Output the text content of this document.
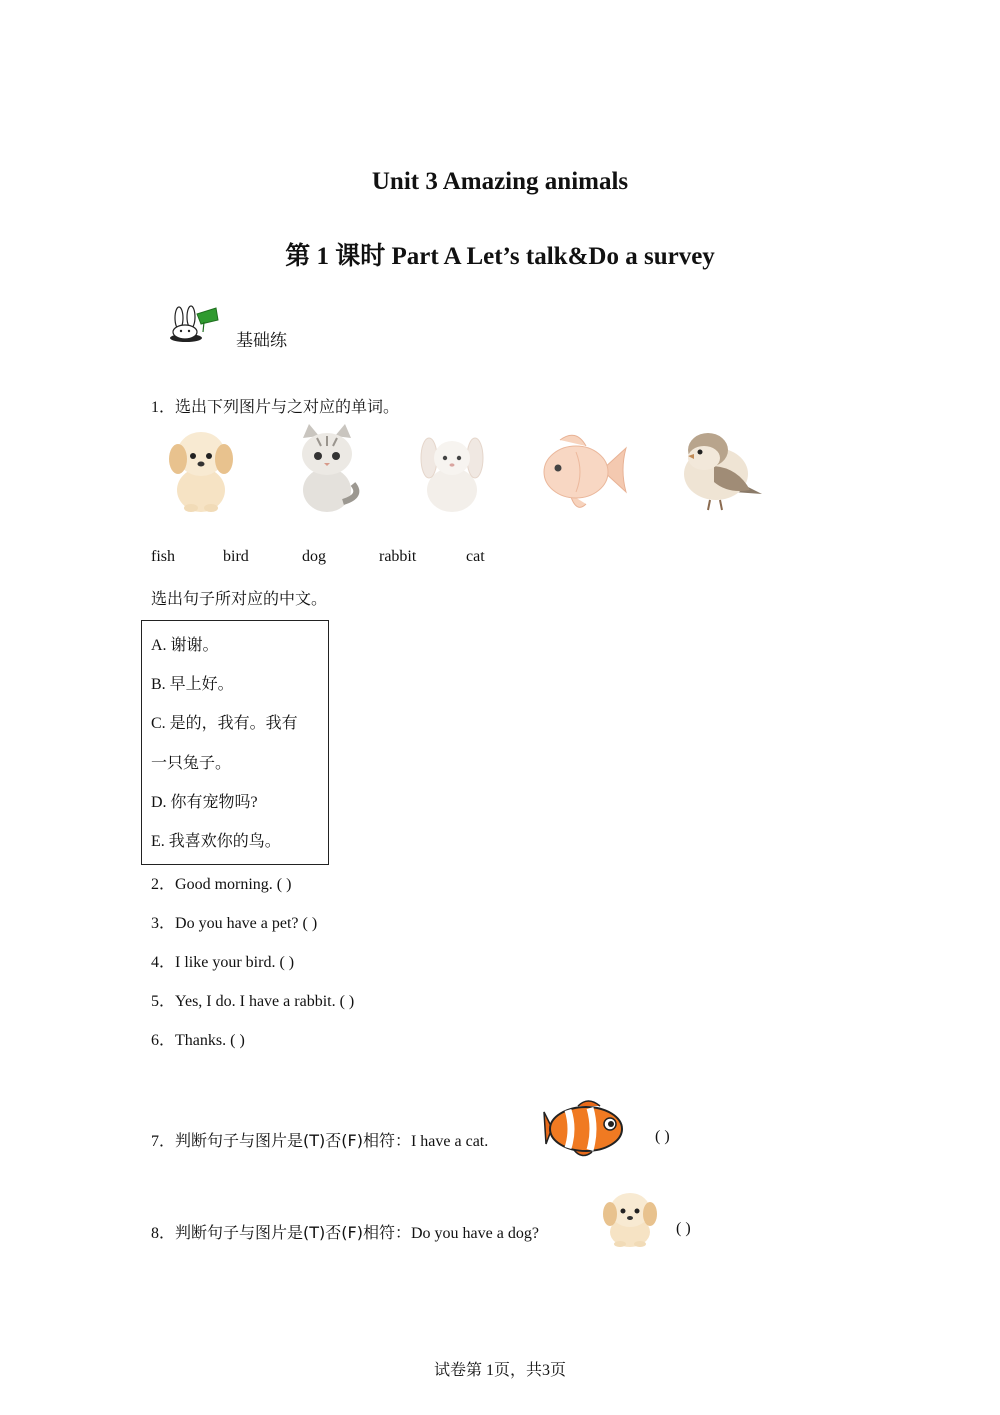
Unit 3 Amazing animals
第 1 课时 Part A Let’s talk&Do a survey
基础练
1．选出下列图片与之对应的单词。
fish	bird	dog	rabbit	cat
选出句子所对应的中文。
A. 谢谢。
B. 早上好。
C. 是的，我有。我有
一只兔子。
D. 你有宠物吗?
E. 我喜欢你的鸟。
2．Good morning. ( )
3．Do you have a pet? ( )
4．I like your bird. ( )
5．Yes, I do. I have a rabbit. ( )
6．Thanks. ( )
7．判断句子与图片是(T)否(F)相符：I have a cat.	( )
8．判断句子与图片是(T)否(F)相符：Do you have a dog?	( )
试卷第 1页，共3页
